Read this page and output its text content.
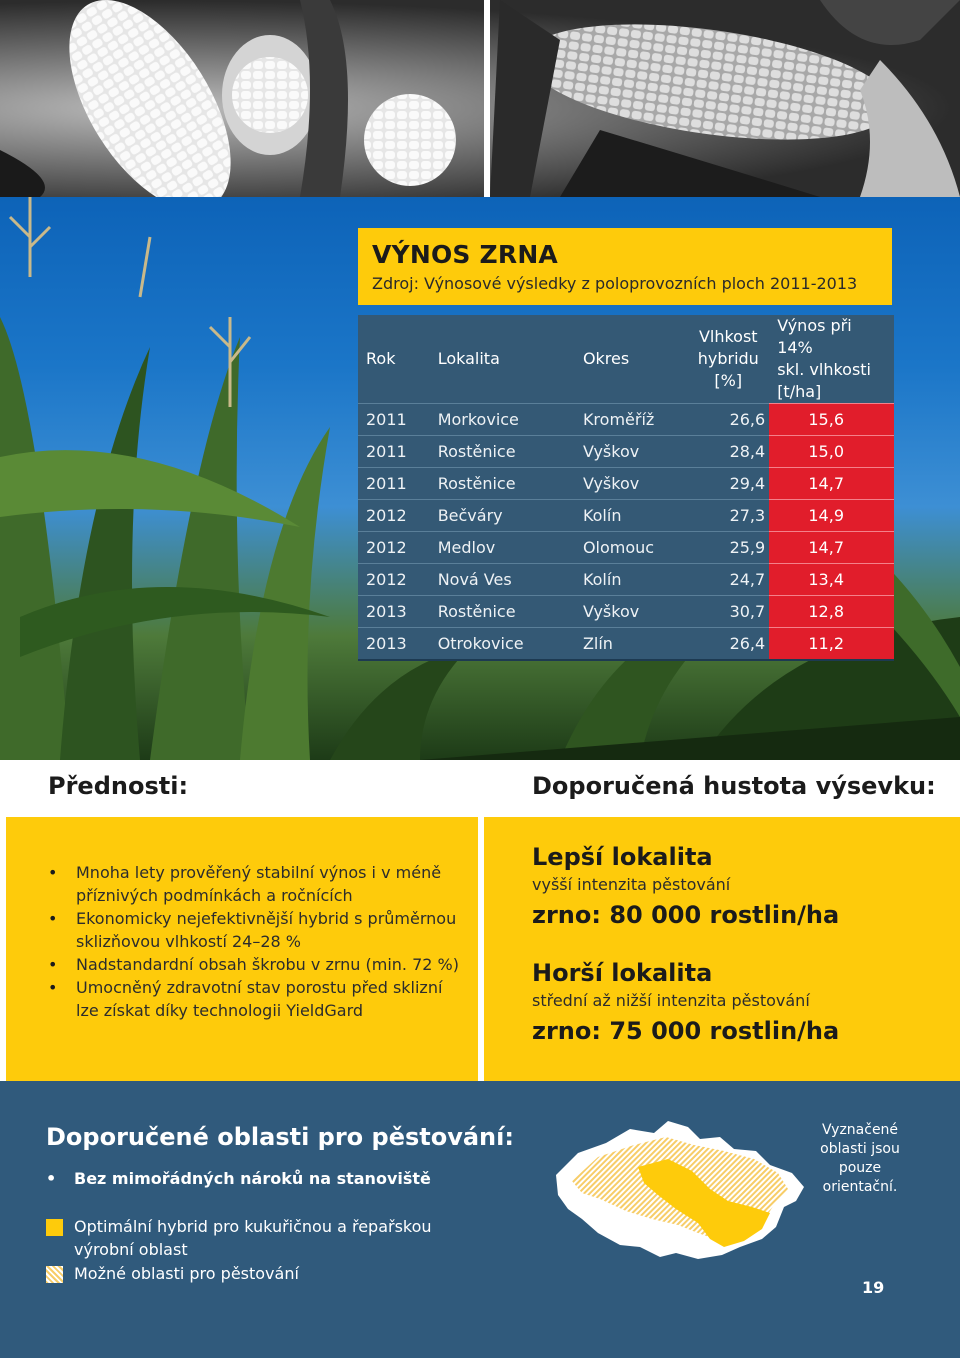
VÝNOS ZRNA
Zdroj: Výnosové výsledky z poloprovozních ploch 2011-2013
Rok	Lokalita	Okres	Vlhkost
hybridu
[%]	Výnos při 14%
skl. vlhkosti
[t/ha]
2011	Morkovice	Kroměříž	26,6	15,6
2011	Rostěnice	Vyškov	28,4	15,0
2011	Rostěnice	Vyškov	29,4	14,7
2012	Bečváry	Kolín	27,3	14,9
2012	Medlov	Olomouc	25,9	14,7
2012	Nová Ves	Kolín	24,7	13,4
2013	Rostěnice	Vyškov	30,7	12,8
2013	Otrokovice	Zlín	26,4	11,2
Přednosti:	Doporučená hustota výsevku:
• Mnoha lety prověřený stabilní výnos i v méně příznivých podmínkách a ročnících
• Ekonomicky nejefektivnější hybrid s průměrnou sklizňovou vlhkostí 24–28 %
• Nadstandardní obsah škrobu v zrnu (min. 72 %)
• Umocněný zdravotní stav porostu před sklizní lze získat díky technologii YieldGard
Lepší lokalita
vyšší intenzita pěstování
zrno: 80 000 rostlin/ha
Horší lokalita
střední až nižší intenzita pěstování
zrno: 75 000 rostlin/ha
Doporučené oblasti pro pěstování:
• Bez mimořádných nároků na stanoviště
Optimální hybrid pro kukuřičnou a řepařskou
výrobní oblast
Možné oblasti pro pěstování
Vyznačené oblasti jsou pouze orientační.
19
